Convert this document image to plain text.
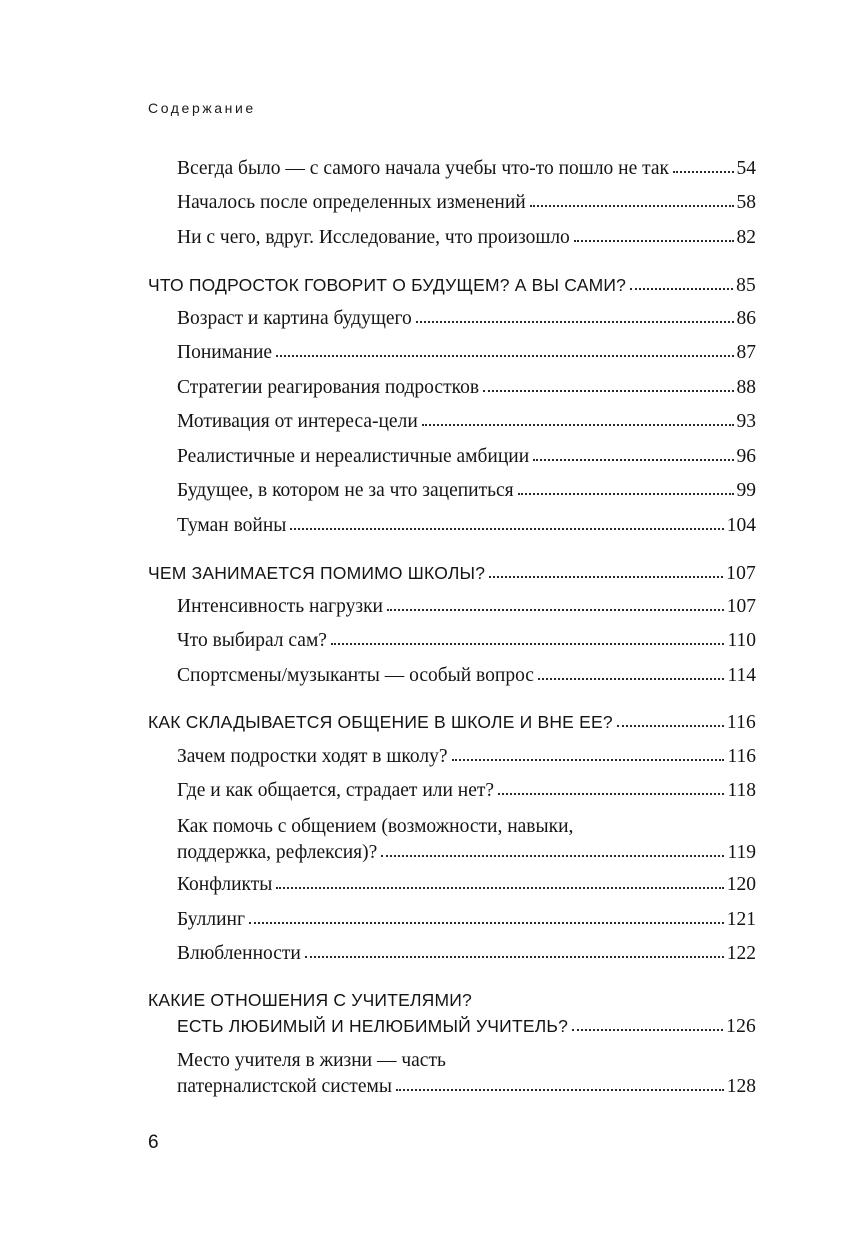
Содержание
Всегда было — с самого начала учебы что-то пошло не так	54
Началось после определенных изменений	58
Ни с чего, вдруг. Исследование, что произошло	82
ЧТО ПОДРОСТОК ГОВОРИТ О БУДУЩЕМ? А ВЫ САМИ?	85
Возраст и картина будущего	86
Понимание	87
Стратегии реагирования подростков	88
Мотивация от интереса-цели	93
Реалистичные и нереалистичные амбиции	96
Будущее, в котором не за что зацепиться	99
Туман войны	104
ЧЕМ ЗАНИМАЕТСЯ ПОМИМО ШКОЛЫ?	107
Интенсивность нагрузки	107
Что выбирал сам?	110
Спортсмены/музыканты — особый вопрос	114
КАК СКЛАДЫВАЕТСЯ ОБЩЕНИЕ В ШКОЛЕ И ВНЕ ЕЕ?	116
Зачем подростки ходят в школу?	116
Где и как общается, страдает или нет?	118
Как помочь с общением (возможности, навыки,
поддержка, рефлексия)?	119
Конфликты	120
Буллинг	121
Влюбленности	122
КАКИЕ ОТНОШЕНИЯ С УЧИТЕЛЯМИ?
ЕСТЬ ЛЮБИМЫЙ И НЕЛЮБИМЫЙ УЧИТЕЛЬ?	126
Место учителя в жизни — часть
патерналистской системы	128
6
